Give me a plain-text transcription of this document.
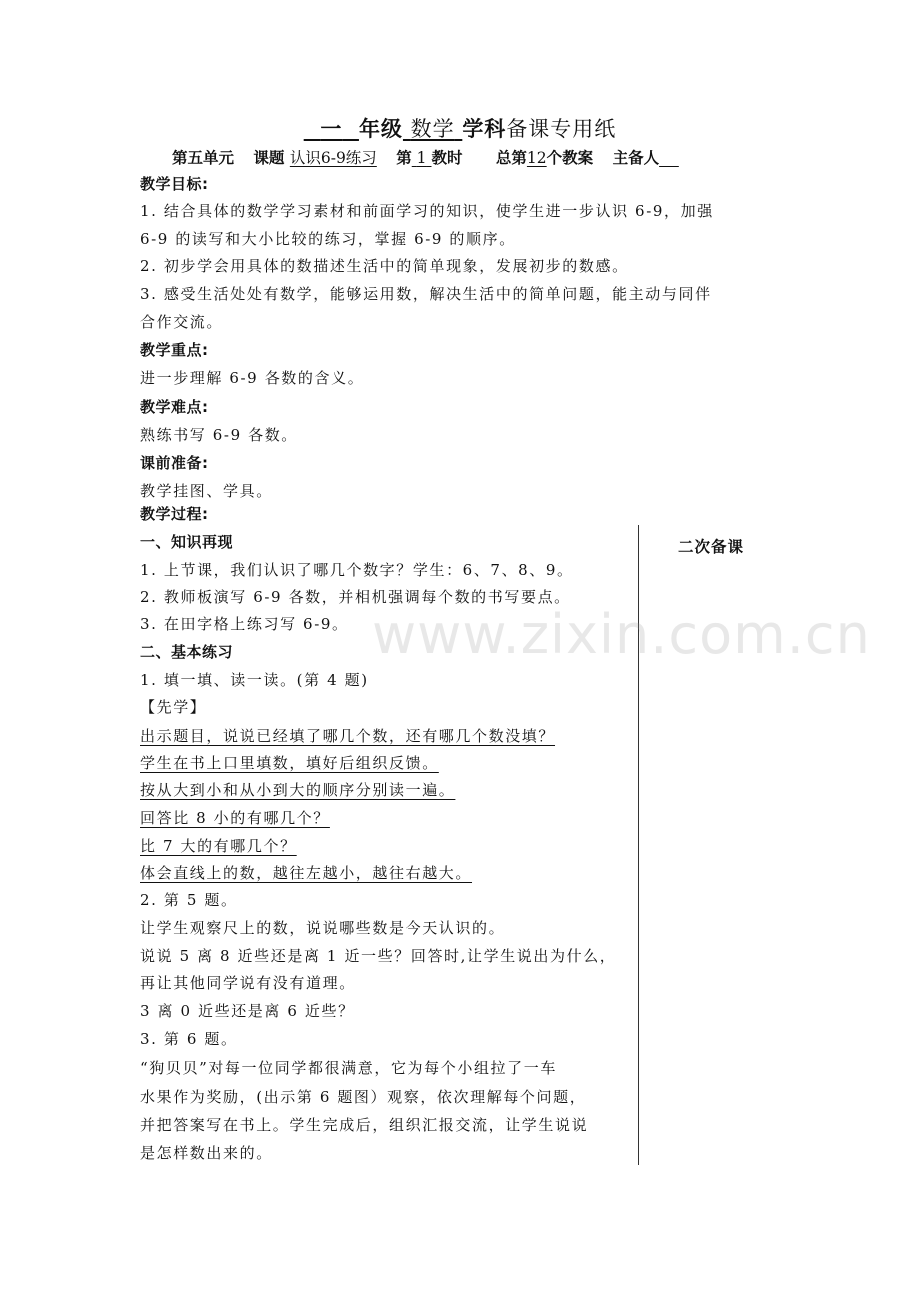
一 年级 数学 学科备课专用纸
第五单元 课题 认识6-9练习 第 1 教时 总第12个教案 主备人
教学目标:
1. 结合具体的数学学习素材和前面学习的知识，使学生进一步认识 6-9，加强
6-9 的读写和大小比较的练习，掌握 6-9 的顺序。
2. 初步学会用具体的数描述生活中的简单现象，发展初步的数感。
3. 感受生活处处有数学，能够运用数，解决生活中的简单问题，能主动与同伴
合作交流。
教学重点:
进一步理解 6-9 各数的含义。
教学难点:
熟练书写 6-9 各数。
课前准备:
教学挂图、学具。
教学过程:
二次备课
www.zixin.com.cn
一、知识再现
1. 上节课，我们认识了哪几个数字？学生：6、7、8、9。
2. 教师板演写 6-9 各数，并相机强调每个数的书写要点。
3. 在田字格上练习写 6-9。
二、基本练习
1. 填一填、读一读。(第 4 题)
【先学】
出示题目，说说已经填了哪几个数，还有哪几个数没填？
学生在书上口里填数，填好后组织反馈。
按从大到小和从小到大的顺序分别读一遍。
回答比 8 小的有哪几个？
比 7 大的有哪几个？
体会直线上的数，越往左越小，越往右越大。
2. 第 5 题。
让学生观察尺上的数，说说哪些数是今天认识的。
说说 5 离 8 近些还是离 1 近一些？回答时,让学生说出为什么，
再让其他同学说有没有道理。
3 离 0 近些还是离 6 近些？
3. 第 6 题。
“狗贝贝”对每一位同学都很满意，它为每个小组拉了一车
水果作为奖励，(出示第 6 题图）观察，依次理解每个问题，
并把答案写在书上。学生完成后，组织汇报交流，让学生说说
是怎样数出来的。
